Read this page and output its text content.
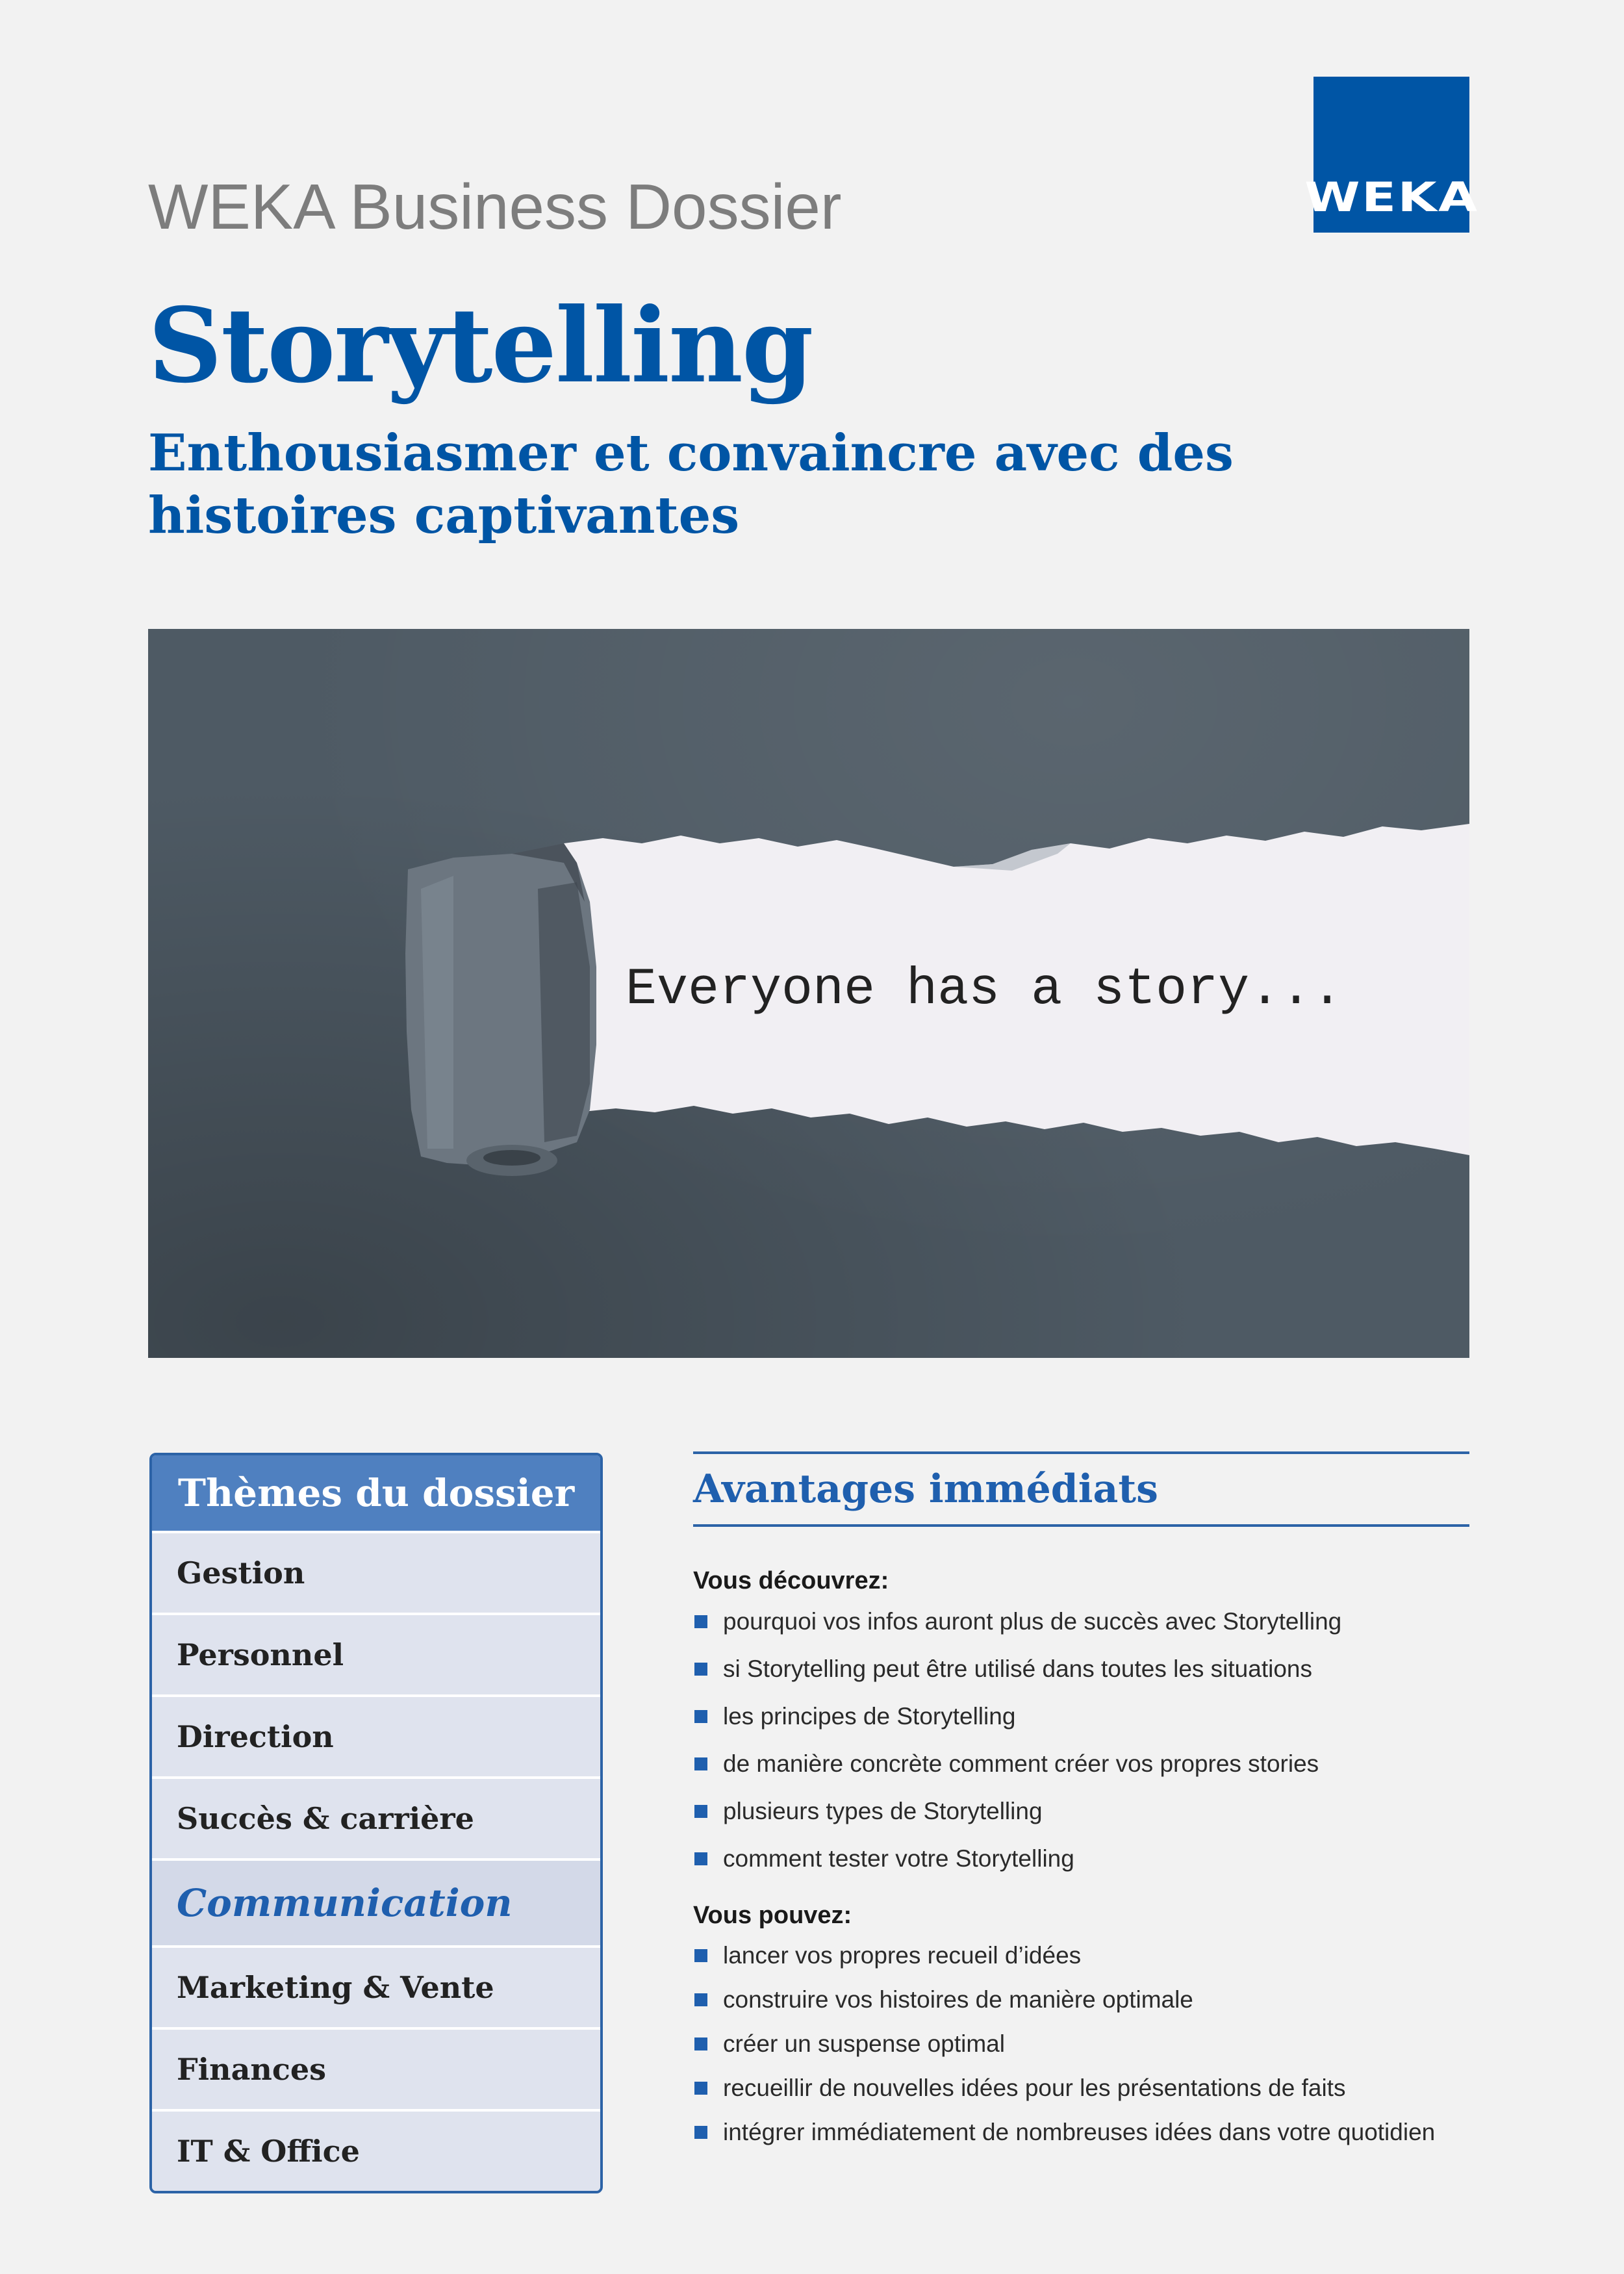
WEKA
WEKA Business Dossier
Storytelling
Enthousiasmer et convaincre avec des histoires captivantes
Everyone has a story...
Thèmes du dossier
Gestion
Personnel
Direction
Succès & carrière
Communication
Marketing & Vente
Finances
IT & Office
Avantages immédiats

Vous découvrez:

pourquoi vos infos auront plus de succès avec Storytelling
si Storytelling peut être utilisé dans toutes les situations
les principes de Storytelling
de manière concrète comment créer vos propres stories
plusieurs types de Storytelling
comment tester votre Storytelling

Vous pouvez:

lancer vos propres recueil d’idées
construire vos histoires de manière optimale
créer un suspense optimal
recueillir de nouvelles idées pour les présentations de faits
intégrer immédiatement de nombreuses idées dans votre quotidien
